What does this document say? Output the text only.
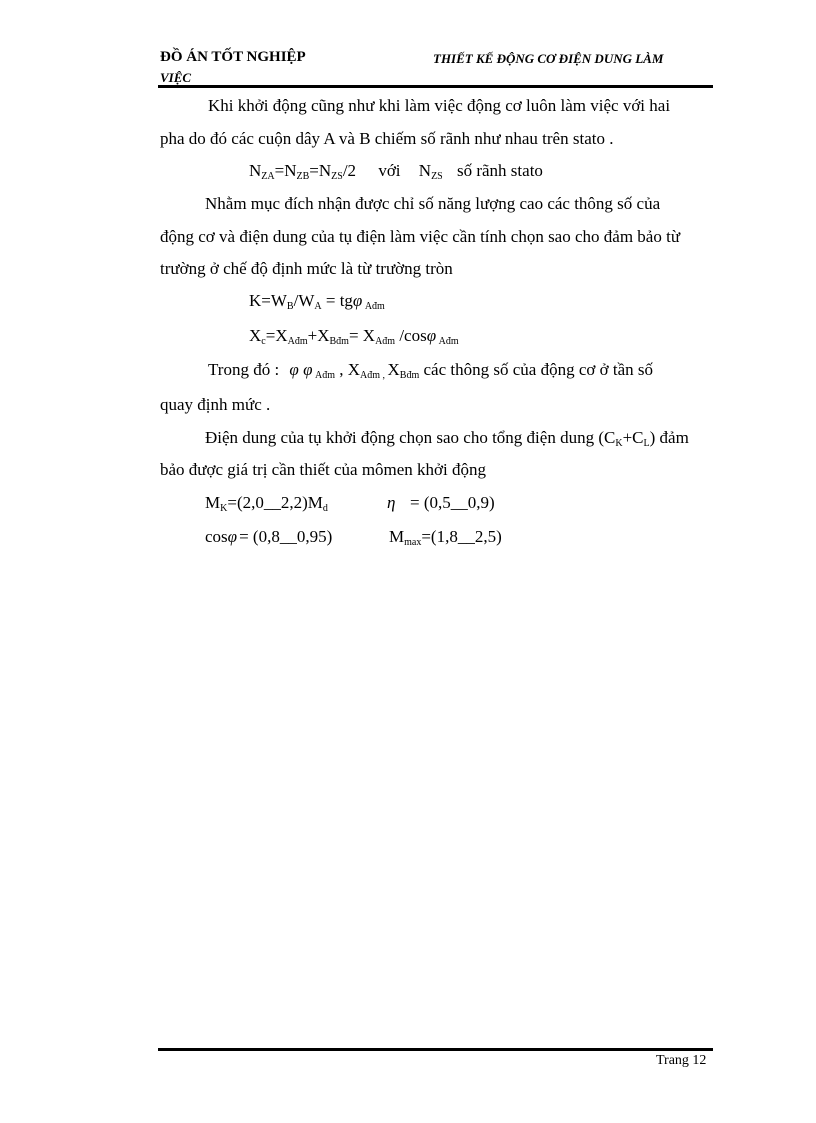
ĐỒ ÁN TỐT NGHIỆP
VIỆC
THIẾT KẾ ĐỘNG CƠ ĐIỆN DUNG LÀM
Khi khởi động cũng như khi làm việc động cơ luôn làm việc với hai
pha do đó các cuộn dây A và B chiếm số rãnh như nhau trên stato .
$N_{ZA}=N_{ZB}=N_{ZS}/2$ với $N_{ZS}$ số rãnh stato
Nhằm mục đích nhận được chỉ số năng lượng cao các thông số của
động cơ và điện dung của tụ điện làm việc cần tính chọn sao cho đảm bảo từ
trường ở chế độ định mức là từ trường tròn
$K=W_B/W_A = tg\varphi$ $_{Ađm}$
$X_c=X_{Ađm}+X_{Bđm}= X_{Ađm}$ /cosφ $_{Ađm}$
Trong đó : φ φ $_{Ađm}$ , $X_{Ađm ,}$ $X_{Bđm}$ các thông số của động cơ ở tần số
quay định mức .
Điện dung của tụ khởi động chọn sao cho tổng điện dung $(C_K+C_L)$ đảm
bảo được giá trị cần thiết của mômen khởi động
$M_K=(2,0\_\_2,2)M_d$	η = (0,5__0,9)
cosφ = (0,8__0,95)	$M_{max}=(1,8\_\_2,5)$
Trang 12
